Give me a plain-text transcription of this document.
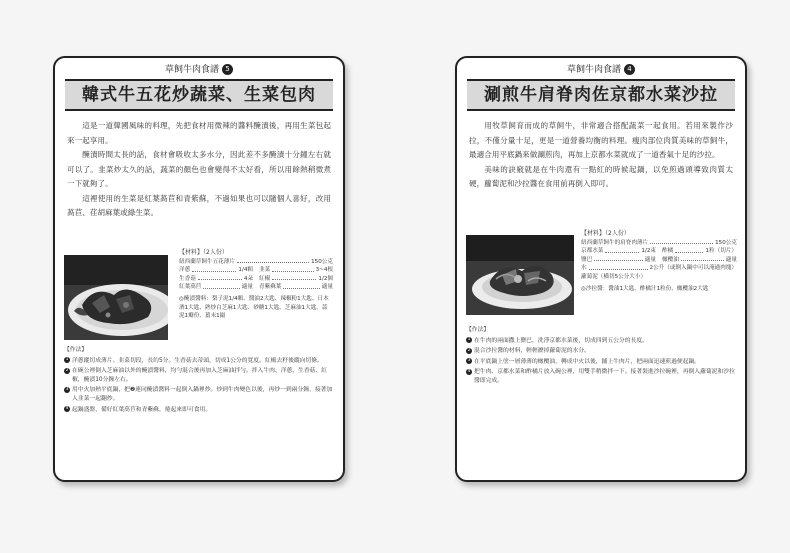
草飼牛肉食譜 5
韓式牛五花炒蔬菜、生菜包肉

這是一道韓國風味的料理，先把食材用微辣的醬料醃漬後，再用生菜包起來一起享用。

醃漬時間太長的話，食材會吸收太多水分，因此差不多醃漬十分鐘左右就可以了。韭菜炒太久的話，蔬菜的顏色也會變得不太好看，所以用餘熱稍微煮一下就夠了。

這裡使用的生菜是紅葉萵苣和青紫蘇，不過如果也可以隨個人喜好，改用萵苣、荏胡麻葉或綠生菜。

【材料】（2人份）
紐西蘭草飼牛五花薄片	150公克
洋蔥	1/4顆 韭菜	3~4根
生香菇	4朵 紅椒	1/2個
紅葉萵苣	適量 青紫蘇葉	適量
◎醃漬醬料：梨子泥1/4顆、醬油2大匙、辣椒粉1大匙、日本酒1大匙、熟炒白芝麻1大匙、砂糖1大匙、芝麻油1大匙、蒜泥1瓣份、薑末1撮
【作法】
1 洋蔥縱切成薄片。韭菜切段，長約5分。生香菇去蒂頭，切成1公分的寬度。紅椒去籽後縱向切條。
2 在碗公裡倒入芝麻油以外的醃漬醬料，均勻混合後再加入芝麻油拌勻。拌入牛肉、洋蔥、生香菇、紅椒，醃漬10分鐘左右。
3 用中火加熱平底鍋，把❷連同醃漬醬料一起倒入鍋裡炒。炒到牛肉變色以後，再炒一到兩分鐘，接著加入韭菜一起翻炒。
4 起鍋盛盤，備好紅葉萵苣和青紫蘇，捲起來即可食用。
草飼牛肉食譜 4
涮煎牛肩脊肉佐京都水菜沙拉

用牧草飼育而成的草飼牛，非常適合搭配蔬菜一起食用。若用來製作沙拉，不僅分量十足，更是一道營養均衡的料理。瘦肉部位肉質美味的草飼牛，最適合用平底鍋來做涮煎肉，再加上京都水菜就成了一道香氣十足的沙拉。

美味的訣竅就是在牛肉還有一點紅的時候起鍋，以免煎過頭導致肉質太硬，蘿蔔泥和沙拉醬在食用前再倒入即可。

【材料】（2人份）
紐西蘭草飼牛的肩脊肉薄片	150公克
京都水菜	1/2束 酢橘	1粒（切片）
鹽巴	適量 橄欖油	適量
水	2公升（或倒入鍋中可以淹過肉塊）
蘿蔔泥（橫切5公分大小）
◎沙拉醬：醬油1大匙、酢橘汁1粒份、橄欖油2大匙
【作法】
1 在牛肉的兩面撒上鹽巴，洗淨京都水菜後，切成四到五公分的長度。
2 混合沙拉醬的材料，輕輕瀝掉蘿蔔泥的水分。
3 在平底鍋上塗一層薄薄的橄欖油，轉成中火以後，鋪上牛肉片，把兩面迅速煎過便起鍋。
4 把牛肉、京都水菜和酢橘片放入碗公裡，用雙手稍微拌一下。接著裝進沙拉碗裡，再倒入蘿蔔泥和沙拉醬即完成。
